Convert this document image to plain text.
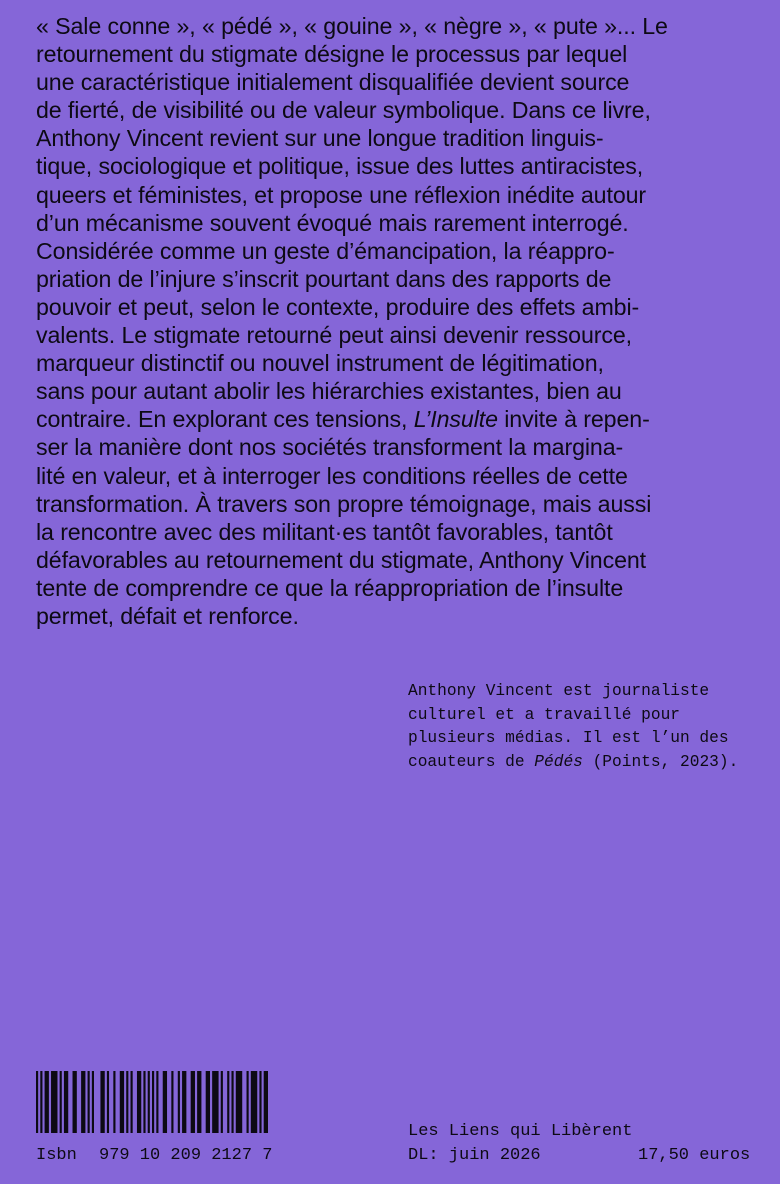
« Sale conne », « pédé », « gouine », « nègre », « pute »... Le
retournement du stigmate désigne le processus par lequel
une caractéristique initialement disqualifiée devient source
de fierté, de visibilité ou de valeur symbolique. Dans ce livre,
Anthony Vincent revient sur une longue tradition linguis-
tique, sociologique et politique, issue des luttes antiracistes,
queers et féministes, et propose une réflexion inédite autour
d’un mécanisme souvent évoqué mais rarement interrogé.
Considérée comme un geste d’émancipation, la réappro-
priation de l’injure s’inscrit pourtant dans des rapports de
pouvoir et peut, selon le contexte, produire des effets ambi-
valents. Le stigmate retourné peut ainsi devenir ressource,
marqueur distinctif ou nouvel instrument de légitimation,
sans pour autant abolir les hiérarchies existantes, bien au
contraire. En explorant ces tensions, L’Insulte invite à repen-
ser la manière dont nos sociétés transforment la margina-
lité en valeur, et à interroger les conditions réelles de cette
transformation. À travers son propre témoignage, mais aussi
la rencontre avec des militant·es tantôt favorables, tantôt
défavorables au retournement du stigmate, Anthony Vincent
tente de comprendre ce que la réappropriation de l’insulte
permet, défait et renforce.
Anthony Vincent est journaliste
culturel et a travaillé pour
plusieurs médias. Il est l’un des
coauteurs de Pédés (Points, 2023).
Les Liens qui Libèrent
Isbn 979 10 209 2127 7	DL: juin 2026	17,50 euros
